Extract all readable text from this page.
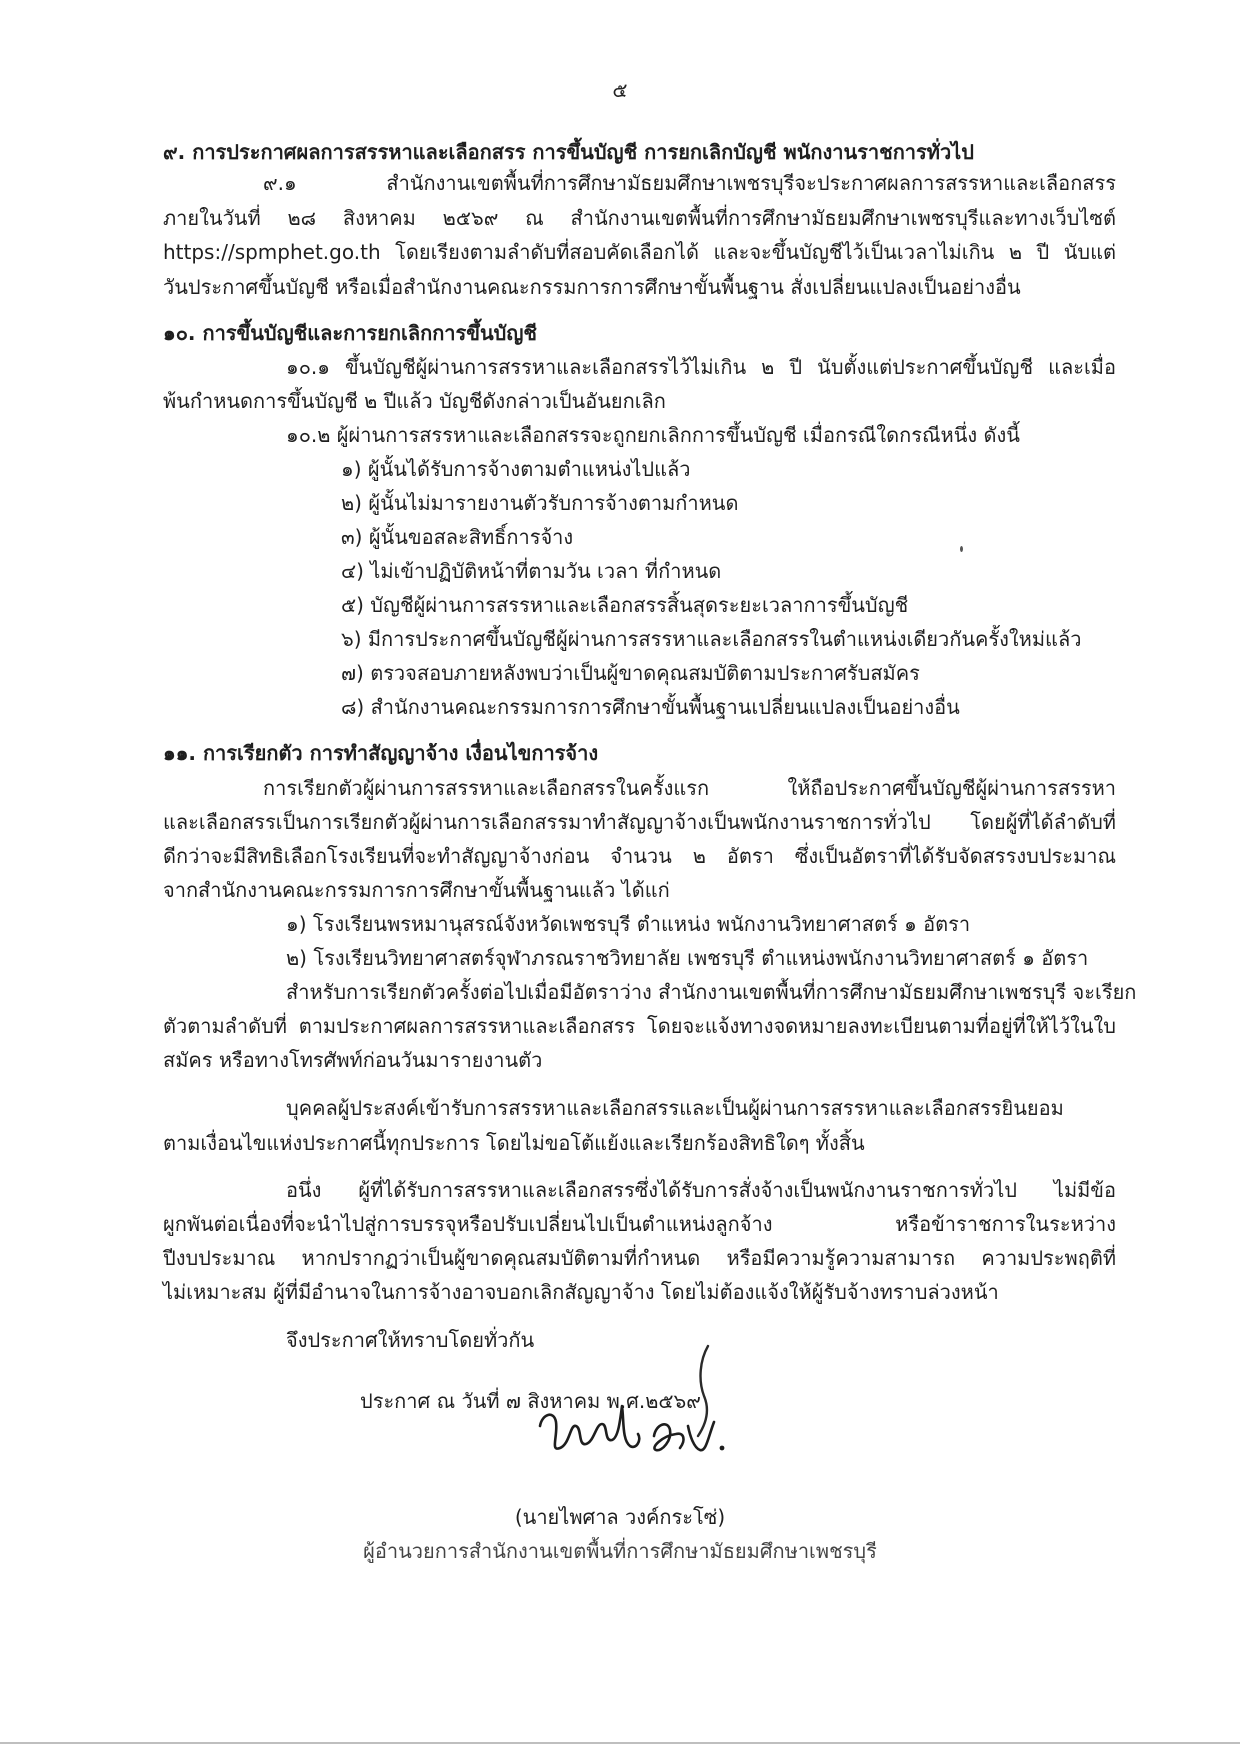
๕
๙. การประกาศผลการสรรหาและเลือกสรร การขึ้นบัญชี การยกเลิกบัญชี พนักงานราชการทั่วไป
๙.๑ สำนักงานเขตพื้นที่การศึกษามัธยมศึกษาเพชรบุรีจะประกาศผลการสรรหาและเลือกสรร
ภายในวันที่ ๒๘ สิงหาคม ๒๕๖๙ ณ สำนักงานเขตพื้นที่การศึกษามัธยมศึกษาเพชรบุรีและทางเว็บไซต์
https://spmphet.go.th โดยเรียงตามลำดับที่สอบคัดเลือกได้ และจะขึ้นบัญชีไว้เป็นเวลาไม่เกิน ๒ ปี นับแต่
วันประกาศขึ้นบัญชี หรือเมื่อสำนักงานคณะกรรมการการศึกษาขั้นพื้นฐาน สั่งเปลี่ยนแปลงเป็นอย่างอื่น
๑๐. การขึ้นบัญชีและการยกเลิกการขึ้นบัญชี
๑๐.๑ ขึ้นบัญชีผู้ผ่านการสรรหาและเลือกสรรไว้ไม่เกิน ๒ ปี นับตั้งแต่ประกาศขึ้นบัญชี และเมื่อ
พ้นกำหนดการขึ้นบัญชี ๒ ปีแล้ว บัญชีดังกล่าวเป็นอันยกเลิก
๑๐.๒ ผู้ผ่านการสรรหาและเลือกสรรจะถูกยกเลิกการขึ้นบัญชี เมื่อกรณีใดกรณีหนึ่ง ดังนี้
๑) ผู้นั้นได้รับการจ้างตามตำแหน่งไปแล้ว
๒) ผู้นั้นไม่มารายงานตัวรับการจ้างตามกำหนด
๓) ผู้นั้นขอสละสิทธิ์การจ้าง
๔) ไม่เข้าปฏิบัติหน้าที่ตามวัน เวลา ที่กำหนด
๕) บัญชีผู้ผ่านการสรรหาและเลือกสรรสิ้นสุดระยะเวลาการขึ้นบัญชี
๖) มีการประกาศขึ้นบัญชีผู้ผ่านการสรรหาและเลือกสรรในตำแหน่งเดียวกันครั้งใหม่แล้ว
๗) ตรวจสอบภายหลังพบว่าเป็นผู้ขาดคุณสมบัติตามประกาศรับสมัคร
๘) สำนักงานคณะกรรมการการศึกษาขั้นพื้นฐานเปลี่ยนแปลงเป็นอย่างอื่น
๑๑. การเรียกตัว การทำสัญญาจ้าง เงื่อนไขการจ้าง
การเรียกตัวผู้ผ่านการสรรหาและเลือกสรรในครั้งแรก ให้ถือประกาศขึ้นบัญชีผู้ผ่านการสรรหา
และเลือกสรรเป็นการเรียกตัวผู้ผ่านการเลือกสรรมาทำสัญญาจ้างเป็นพนักงานราชการทั่วไป โดยผู้ที่ได้ลำดับที่
ดีกว่าจะมีสิทธิเลือกโรงเรียนที่จะทำสัญญาจ้างก่อน จำนวน ๒ อัตรา ซึ่งเป็นอัตราที่ได้รับจัดสรรงบประมาณ
จากสำนักงานคณะกรรมการการศึกษาขั้นพื้นฐานแล้ว ได้แก่
๑) โรงเรียนพรหมานุสรณ์จังหวัดเพชรบุรี ตำแหน่ง พนักงานวิทยาศาสตร์ ๑ อัตรา
๒) โรงเรียนวิทยาศาสตร์จุฬาภรณราชวิทยาลัย เพชรบุรี ตำแหน่งพนักงานวิทยาศาสตร์ ๑ อัตรา
สำหรับการเรียกตัวครั้งต่อไปเมื่อมีอัตราว่าง สำนักงานเขตพื้นที่การศึกษามัธยมศึกษาเพชรบุรี จะเรียก
ตัวตามลำดับที่ ตามประกาศผลการสรรหาและเลือกสรร โดยจะแจ้งทางจดหมายลงทะเบียนตามที่อยู่ที่ให้ไว้ในใบ
สมัคร หรือทางโทรศัพท์ก่อนวันมารายงานตัว
บุคคลผู้ประสงค์เข้ารับการสรรหาและเลือกสรรและเป็นผู้ผ่านการสรรหาและเลือกสรรยินยอม
ตามเงื่อนไขแห่งประกาศนี้ทุกประการ โดยไม่ขอโต้แย้งและเรียกร้องสิทธิใดๆ ทั้งสิ้น
อนึ่ง ผู้ที่ได้รับการสรรหาและเลือกสรรซึ่งได้รับการสั่งจ้างเป็นพนักงานราชการทั่วไป ไม่มีข้อ
ผูกพันต่อเนื่องที่จะนำไปสู่การบรรจุหรือปรับเปลี่ยนไปเป็นตำแหน่งลูกจ้าง หรือข้าราชการในระหว่าง
ปีงบประมาณ หากปรากฏว่าเป็นผู้ขาดคุณสมบัติตามที่กำหนด หรือมีความรู้ความสามารถ ความประพฤติที่
ไม่เหมาะสม ผู้ที่มีอำนาจในการจ้างอาจบอกเลิกสัญญาจ้าง โดยไม่ต้องแจ้งให้ผู้รับจ้างทราบล่วงหน้า
จึงประกาศให้ทราบโดยทั่วกัน
ประกาศ ณ วันที่ ๗ สิงหาคม พ.ศ.๒๕๖๙
(นายไพศาล วงค์กระโซ่)
ผู้อำนวยการสำนักงานเขตพื้นที่การศึกษามัธยมศึกษาเพชรบุรี
